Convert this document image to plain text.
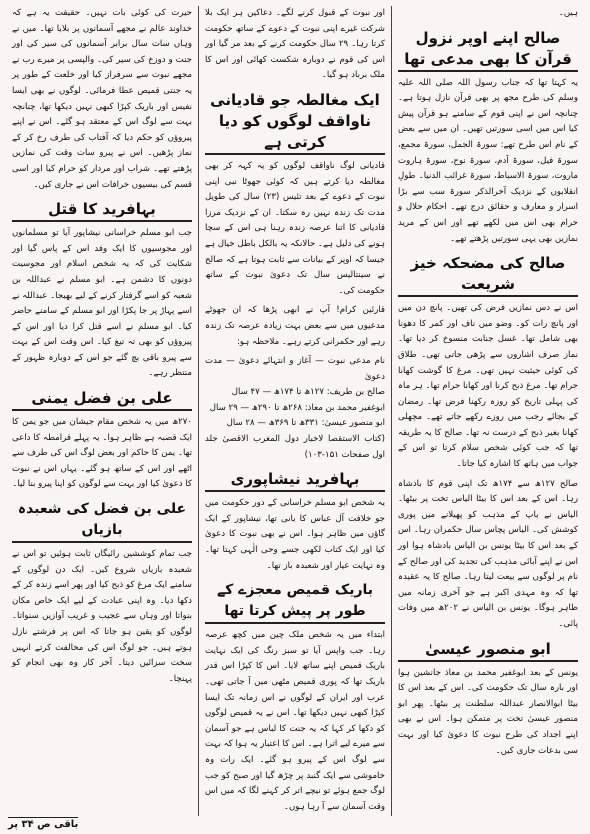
ہیں۔

صالح اپنے اوپر نزول قرآن کا بھی مدعی تھا

یہ کہتا تھا کہ جناب رسول اللہ صلی اللہ علیہ وسلم کی طرح مجھ پر بھی قرآن نازل ہوتا ہے۔ چنانچہ اس نے اپنی قوم کے سامنے ہو قرآن پیش کیا اس میں اسی سورتیں تھیں۔ ان میں سے بعض کے نام اس طرح تھے: سورۃ الجمل، سورۃ مجمع، سورۃ فیل، سورۃ آدم، سورۃ نوح، سورۃ ہاروت ماروت، سورۃ الاسباط، سورۃ غرائب الدنیا۔ طولِ انقلابوں کے نزدیک آخرالذکر سورۃ سب سے بڑا اسرار و معارف و حقائق درج تھے۔ احکام حلال و حرام بھی اس میں لکھے تھے اور اس کے مرید نمازیں بھی یہی سورتیں پڑھتے تھے۔

صالح کی مضحکہ خیز شریعت

اس نے دس نمازیں فرض کی تھیں۔ پانچ دن میں اور پانچ رات کو۔ وضو میں ناف اور کمر کا دھونا بھی شامل تھا۔ غسل جنابت منسوخ کر دیا تھا۔ نماز صرف اشاروں سے پڑھی جاتی تھی۔ طلاق کی کوئی حیثیت نہیں تھی۔ مرغ کا گوشت کھانا حرام تھا۔ مرغ ذبح کرنا اور کھانا حرام تھا۔ ہر ماہ کی پہلی تاریخ کو روزہ رکھنا فرض تھا۔ رمضان کے بجائے رجب میں روزے رکھے جاتے تھے۔ مچھلی کھانا بغیر ذبح کے درست نہ تھا۔ صالح کا یہ طریقہ تھا کہ جب کوئی شخص سلام کرتا تو اس کے جواب میں ہاتھ کا اشارہ کیا جاتا۔

صالح ۱۲۷ھ سے ۱۷۴ھ تک اپنی قوم کا بادشاہ رہا۔ اس کے بعد اس کا بیٹا الیاس تخت پر بیٹھا۔ الیاس نے باپ کے مذہب کو پھیلانے میں پوری کوشش کی۔ الیاس پچاس سال حکمران رہا۔ اس کے بعد اس کا بیٹا یونس بن الیاس بادشاہ ہوا اور اس نے اپنے آبائی مذہب کی تجدید کی اور صالح کے نام پر لوگوں سے بیعت لیتا رہا۔ صالح کا یہ عقیدہ تھا کہ وہ مہدی اکبر ہے جو آخری زمانہ میں ظاہر ہوگا۔ یونس بن الیاس نے ۲۰۲ھ میں وفات پائی۔

ابو منصور عیسیٰ

یونس کے بعد ابوغفیر محمد بن معاذ جانشین ہوا اور بارہ سال تک حکومت کی۔ اس کے بعد اس کا بیٹا ابوالانصار عبداللہ سلطنت پر بیٹھا۔ پھر ابو منصور عیسیٰ تخت پر متمکن ہوا۔ اس نے بھی اپنے اجداد کی طرح نبوت کا دعویٰ کیا اور بہت سی بدعات جاری کیں۔

اور نبوت کے قبول کرنے لگے۔ دعاکیں ہر ایک بلا شرکت غیرے اپنی نبوت کے دعوے کے ساتھ حکومت کرتا رہا۔ ۲۹ سال حکومت کرنے کے بعد مر گیا اور اس کی قوم نے دوبارہ شکست کھائی اور اس کا ملک برباد ہو گیا۔

ایک مغالطہ جو قادیانی ناواقف لوگوں کو دیا کرتی ہے

قادیانی لوگ ناواقف لوگوں کو یہ کہہ کر بھی مغالطہ دیا کرتے ہیں کہ کوئی جھوٹا نبی اپنی نبوت کے دعوے کے بعد تئیس (۲۳) سال کی طویل مدت تک زندہ نہیں رہ سکتا۔ ان کے نزدیک مرزا قادیانی کا اتنا عرصہ زندہ رہنا ہی اس کے سچا ہونے کی دلیل ہے۔ حالانکہ یہ بالکل باطل خیال ہے جیسا کہ اوپر کے بیانات سے ثابت ہوتا ہے کہ صالح نے سینتالیس سال تک دعویٰ نبوت کے ساتھ حکومت کی۔

قارئین کرام! آپ نے ابھی پڑھا کہ ان جھوٹے مدعیوں میں سے بعض بہت زیادہ عرصہ تک زندہ رہے اور حکمرانی کرتے رہے۔ ملاحظہ ہو:

نام مدعی نبوت — آغاز و انتہائے دعویٰ — مدت دعویٰ
صالح بن طریف: ۱۲۷ھ تا ۱۷۴ھ — ۴۷ سال
ابوغفیر محمد بن معاذ: ۲۶۸ھ تا ۲۹۰ھ — ۲۹ سال
ابو منصور عیسیٰ: ۳۳۱ھ تا ۳۶۹ھ — ۲۸ سال
(کتاب الاستقصا لاخبار دول المغرب الاقصیٰ جلد اول صفحات ۱۵۱-۱۰۳)

بہافرید نیشاپوری

یہ شخص ابو مسلم خراسانی کے دور حکومت میں جو خلافت آل عباس کا بانی تھا، نیشاپور کے ایک گاؤں میں ظاہر ہوا۔ اس نے بھی نبوت کا دعویٰ کیا اور ایک کتاب لکھی جسے وحی الٰہی کہتا تھا۔ وہ نہایت عیار اور شعبدہ باز تھا۔

باریک قمیص معجزے کے طور پر پیش کرتا تھا

ابتداء میں یہ شخص ملک چین میں کچھ عرصہ رہا۔ جب واپس آیا تو سبز رنگ کی ایک نہایت باریک قمیص اپنے ساتھ لایا۔ اس کا کپڑا اس قدر باریک تھا کہ پوری قمیص مٹھی میں آ جاتی تھی۔ عرب اور ایران کے لوگوں نے اس زمانہ تک ایسا کپڑا کبھی نہیں دیکھا تھا۔ اس نے یہ قمیص لوگوں کو دکھا کر کہا کہ یہ جنت کا لباس ہے جو آسمان سے میرے لیے اترا ہے۔ اس کا اعتبار یہ ہوا کہ بہت سے لوگ اس کے پیرو ہو گئے۔ ایک رات وہ خاموشی سے ایک گنبد پر چڑھ گیا اور صبح کو جب لوگ جمع ہوئے تو نیچے اتر کر کہنے لگا کہ میں اس وقت آسمان سے آ رہا ہوں۔

حیرت کی کوئی بات نہیں۔ حقیقت یہ ہے کہ خداوند عالم نے مجھے آسمانوں پر بلایا تھا۔ میں نے وہاں سات سال برابر آسمانوں کی سیر کی اور جنت و دوزخ کی سیر کی۔ والپسی پر میرے رب نے مجھے نبوت سے سرفراز کیا اور خلعت کے طور پر یہ جنتی قمیص عطا فرمائی۔ لوگوں نے بھی ایسا نفیس اور باریک کپڑا کبھی نہیں دیکھا تھا، چنانچہ بہت سے لوگ اس کے معتقد ہو گئے۔ اس نے اپنے پیروؤں کو حکم دیا کہ آفتاب کی طرف رخ کر کے نماز پڑھیں۔ اس نے پیرو سات وقت کی نمازیں پڑھتے تھے۔ شراب اور مردار کو حرام کیا اور اسی قسم کی بیسیوں خرافات اس نے جاری کیں۔

بہافرید کا قتل

جب ابو مسلم خراسانی نیشاپور آیا تو مسلمانوں اور مجوسیوں کا ایک وفد اس کے پاس گیا اور شکایت کی کہ یہ شخص اسلام اور مجوسیت دونوں کا دشمن ہے۔ ابو مسلم نے عبداللہ بن شعبہ کو اسے گرفتار کرنے کے لیے بھیجا۔ عبداللہ نے اسے پہاڑ پر جا پکڑا اور ابو مسلم کے سامنے حاضر کیا۔ ابو مسلم نے اسے قتل کرا دیا اور اس کے پیروؤں کو بھی تہ تیغ کیا۔ اس وقت اس کے بہت سے پیرو باقی بچ گئے جو اس کے دوبارہ ظہور کے منتظر رہے۔

علی بن فضل یمنی

۲۷۰ھ میں یہ شخص مقام جیشان میں جو یمن کا ایک قصبہ ہے ظاہر ہوا۔ یہ پہلے قرامطہ کا داعی تھا۔ یمن کا حاکم اور بعض لوگ اس کی طرف سے اٹھے اور اس کے ساتھ ہو گئے۔ یہاں اس نے نبوت کا دعویٰ کیا اور بہت سے لوگوں کو اپنا پیرو بنا لیا۔

علی بن فضل کی شعبدہ بازیاں

جب تمام کوششیں رائیگاں ثابت ہوئیں تو اس نے شعبدہ بازیاں شروع کیں۔ ایک دن لوگوں کے سامنے ایک مرغ کو ذبح کیا اور پھر اسے زندہ کر کے دکھا دیا۔ وہ اپنی عبادت کے لیے ایک خاص مکان بنواتا اور وہاں سے عجیب و غریب آوازیں سنواتا۔ لوگوں کو یقین ہو جاتا کہ اس پر فرشتے نازل ہوتے ہیں۔ جو لوگ اس کی مخالفت کرتے انہیں سخت سزائیں دیتا۔ آخر کار وہ بھی انجام کو پہنچا۔

باقی ص ۳۴ پر
